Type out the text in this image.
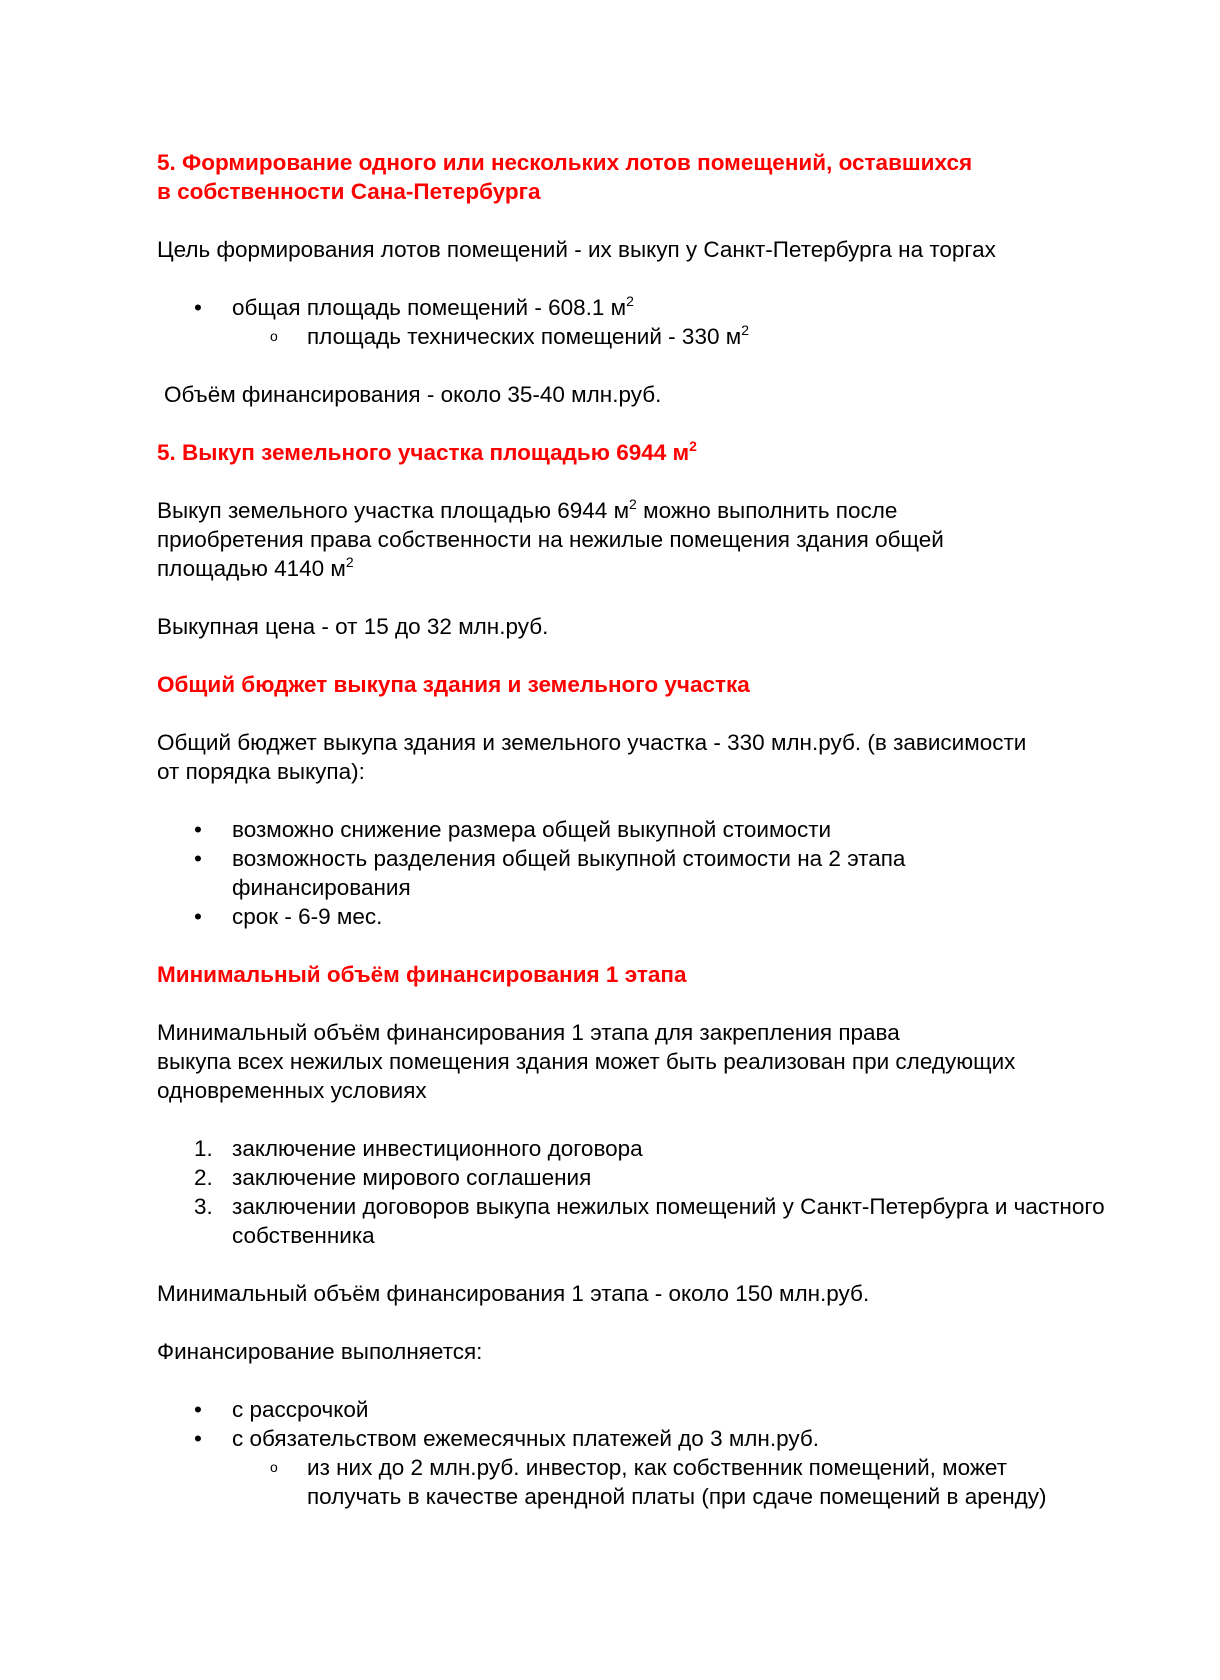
5. Формирование одного или нескольких лотов помещений, оставшихся
в собственности Сана-Петербурга

Цель формирования лотов помещений - их выкуп у Санкт-Петербурга на торгах

• общая площадь помещений - 608.1 $м^2$
o площадь технических помещений - 330 $м^2$

Объём финансирования - около 35-40 млн.руб.

5. Выкуп земельного участка площадью 6944 $м^2$

Выкуп земельного участка площадью 6944 $м^2$ можно выполнить после
приобретения права собственности на нежилые помещения здания общей
площадью 4140 $м^2$

Выкупная цена - от 15 до 32 млн.руб.

Общий бюджет выкупа здания и земельного участка

Общий бюджет выкупа здания и земельного участка - 330 млн.руб. (в зависимости
от порядка выкупа):

• возможно снижение размера общей выкупной стоимости
• возможность разделения общей выкупной стоимости на 2 этапа финансирования
• срок - 6-9 мес.
Минимальный объём финансирования 1 этапа

Минимальный объём финансирования 1 этапа для закрепления права
выкупа всех нежилых помещения здания может быть реализован при следующих
одновременных условиях

1. заключение инвестиционного договора
2. заключение мирового соглашения
3. заключении договоров выкупа нежилых помещений у Санкт-Петербурга и частного собственника

Минимальный объём финансирования 1 этапа - около 150 млн.руб.

Финансирование выполняется:

• с рассрочкой
• с обязательством ежемесячных платежей до 3 млн.руб.
o из них до 2 млн.руб. инвестор, как собственник помещений, может получать в качестве арендной платы (при сдаче помещений в аренду)
